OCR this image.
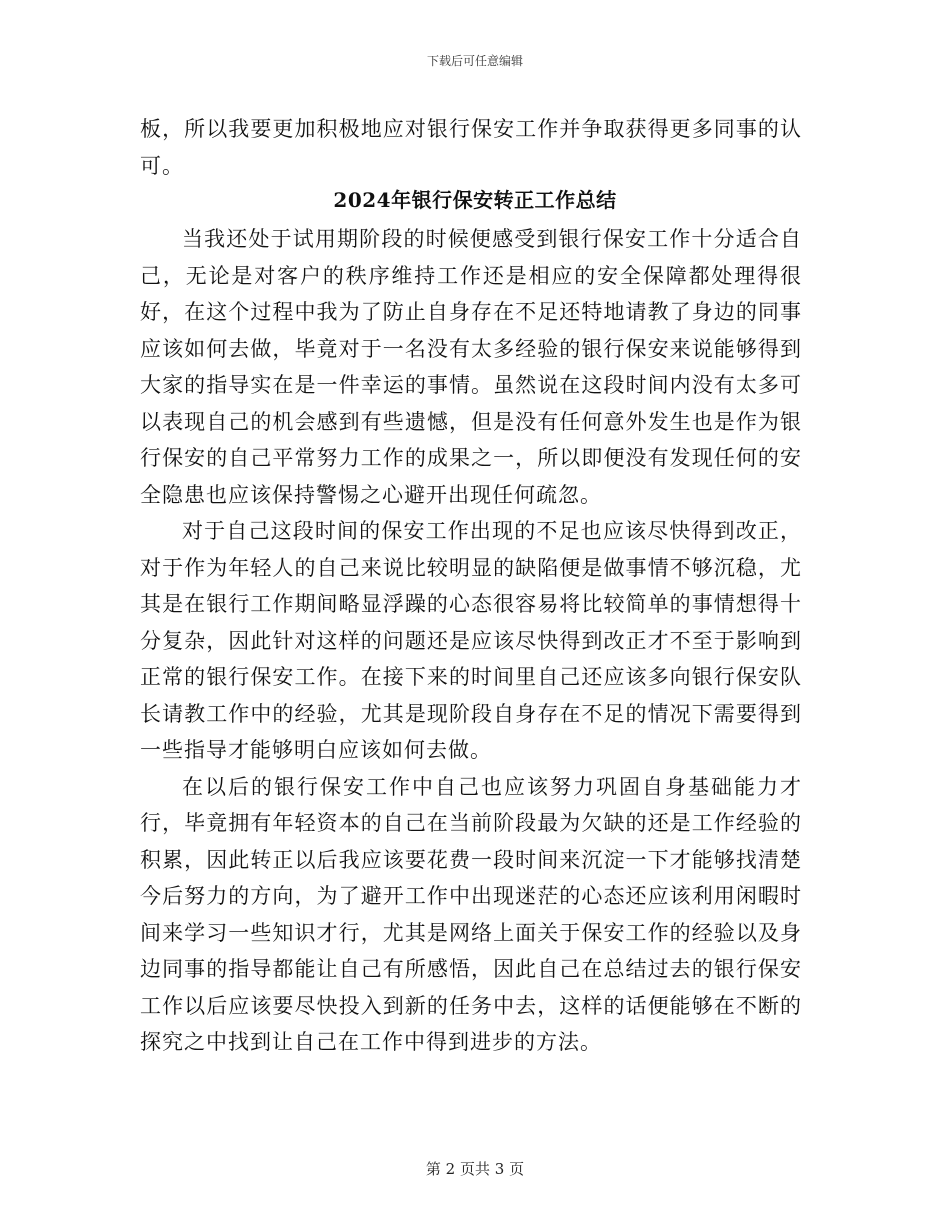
下载后可任意编辑
板，所以我要更加积极地应对银行保安工作并争取获得更多同事的认可。
2024年银行保安转正工作总结

当我还处于试用期阶段的时候便感受到银行保安工作十分适合自己，无论是对客户的秩序维持工作还是相应的安全保障都处理得很好，在这个过程中我为了防止自身存在不足还特地请教了身边的同事应该如何去做，毕竟对于一名没有太多经验的银行保安来说能够得到大家的指导实在是一件幸运的事情。虽然说在这段时间内没有太多可以表现自己的机会感到有些遗憾，但是没有任何意外发生也是作为银行保安的自己平常努力工作的成果之一，所以即便没有发现任何的安全隐患也应该保持警惕之心避开出现任何疏忽。

对于自己这段时间的保安工作出现的不足也应该尽快得到改正，对于作为年轻人的自己来说比较明显的缺陷便是做事情不够沉稳，尤其是在银行工作期间略显浮躁的心态很容易将比较简单的事情想得十分复杂，因此针对这样的问题还是应该尽快得到改正才不至于影响到正常的银行保安工作。在接下来的时间里自己还应该多向银行保安队长请教工作中的经验，尤其是现阶段自身存在不足的情况下需要得到一些指导才能够明白应该如何去做。

在以后的银行保安工作中自己也应该努力巩固自身基础能力才行，毕竟拥有年轻资本的自己在当前阶段最为欠缺的还是工作经验的积累，因此转正以后我应该要花费一段时间来沉淀一下才能够找清楚今后努力的方向，为了避开工作中出现迷茫的心态还应该利用闲暇时间来学习一些知识才行，尤其是网络上面关于保安工作的经验以及身边同事的指导都能让自己有所感悟，因此自己在总结过去的银行保安工作以后应该要尽快投入到新的任务中去，这样的话便能够在不断的探究之中找到让自己在工作中得到进步的方法。

第 2 页共 3 页
